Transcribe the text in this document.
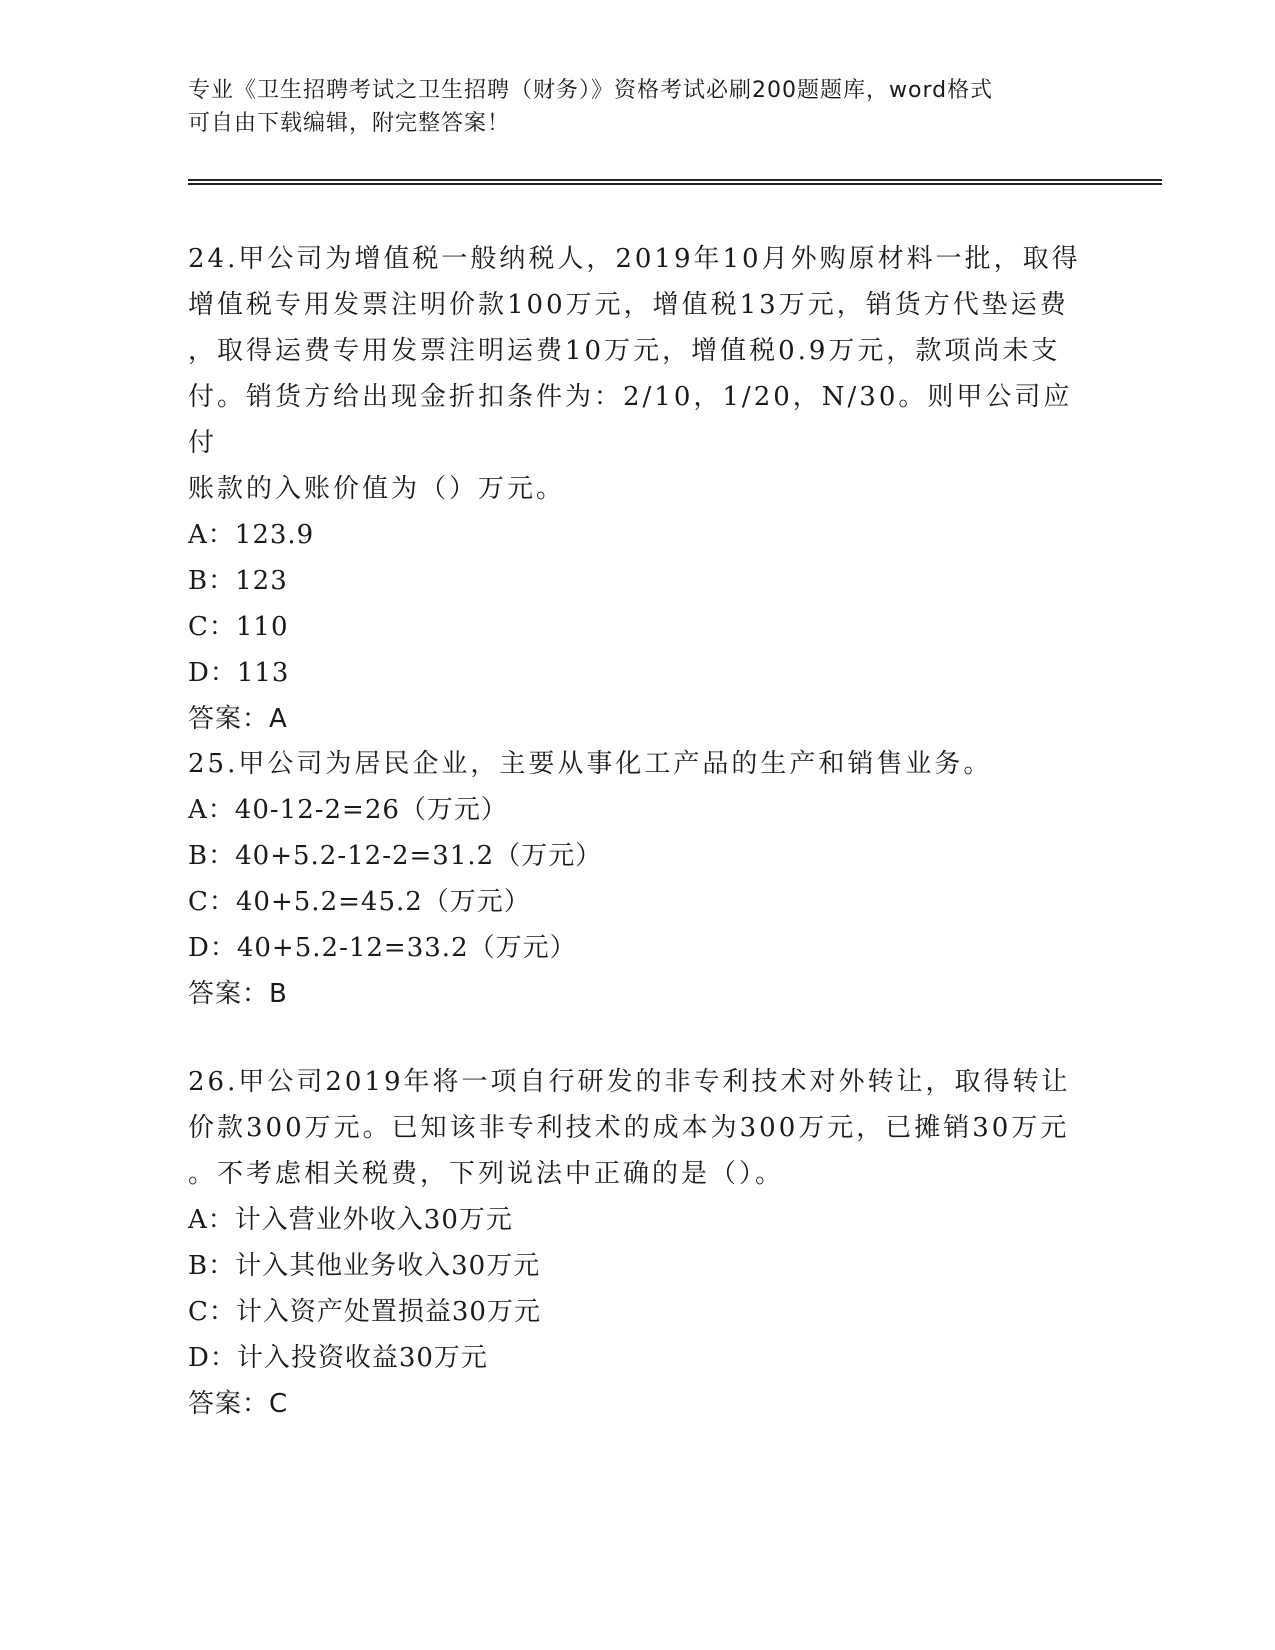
专业《卫生招聘考试之卫生招聘（财务）》资格考试必刷200题题库，word格式
可自由下载编辑，附完整答案！
24.甲公司为增值税一般纳税人，2019年10月外购原材料一批，取得
增值税专用发票注明价款100万元，增值税13万元，销货方代垫运费
，取得运费专用发票注明运费10万元，增值税0.9万元，款项尚未支
付。销货方给出现金折扣条件为：2/10，1/20，N/30。则甲公司应付
账款的入账价值为（）万元。
A：123.9
B：123
C：110
D：113
答案：A
25.甲公司为居民企业，主要从事化工产品的生产和销售业务。
A：40-12-2=26（万元）
B：40+5.2-12-2=31.2（万元）
C：40+5.2=45.2（万元）
D：40+5.2-12=33.2（万元）
答案：B
26.甲公司2019年将一项自行研发的非专利技术对外转让，取得转让
价款300万元。已知该非专利技术的成本为300万元，已摊销30万元
。不考虑相关税费，下列说法中正确的是（）。
A：计入营业外收入30万元
B：计入其他业务收入30万元
C：计入资产处置损益30万元
D：计入投资收益30万元
答案：C
